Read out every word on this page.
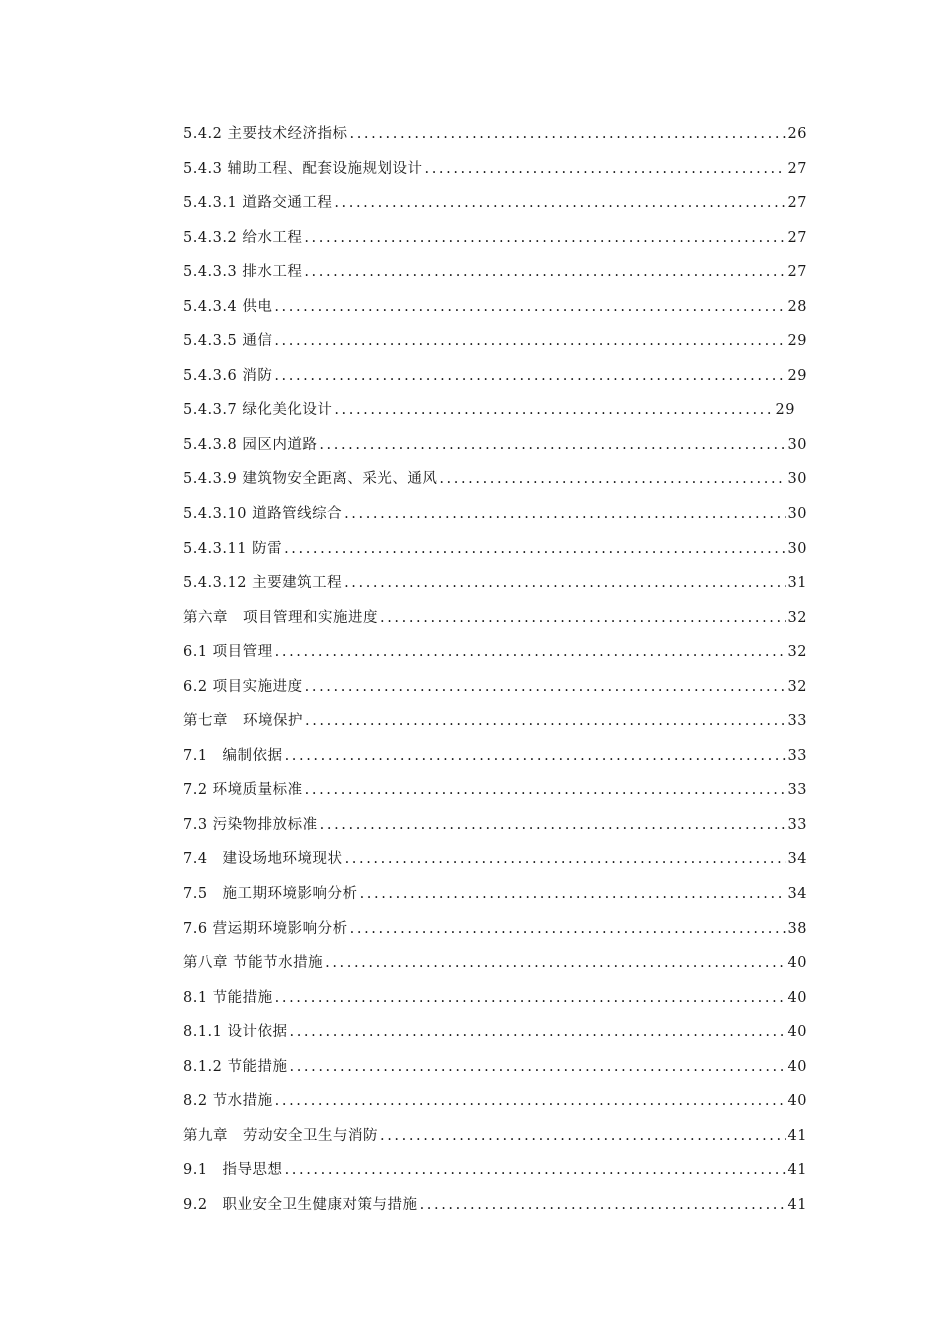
5.4.2 主要技术经济指标 .....	26
5.4.3 辅助工程、配套设施规划设计 .....	27
5.4.3.1 道路交通工程 .....	27
5.4.3.2 给水工程 .....	27
5.4.3.3 排水工程 .....	27
5.4.3.4 供电 .....	28
5.4.3.5 通信 .....	29
5.4.3.6 消防 .....	29
5.4.3.7 绿化美化设计 .....	29
5.4.3.8 园区内道路 .....	30
5.4.3.9 建筑物安全距离、采光、通风 .....	30
5.4.3.10 道路管线综合 .....	30
5.4.3.11 防雷 .....	30
5.4.3.12 主要建筑工程 .....	31
第六章　项目管理和实施进度 .....	32
6.1 项目管理 .....	32
6.2 项目实施进度 .....	32
第七章　环境保护 .....	33
7.1　编制依据 .....	33
7.2 环境质量标准 .....	33
7.3 污染物排放标准 .....	33
7.4　建设场地环境现状 .....	34
7.5　施工期环境影响分析 .....	34
7.6 营运期环境影响分析 .....	38
第八章 节能节水措施 .....	40
8.1 节能措施 .....	40
8.1.1 设计依据 .....	40
8.1.2 节能措施 .....	40
8.2 节水措施 .....	40
第九章　劳动安全卫生与消防 .....	41
9.1　指导思想 .....	41
9.2　职业安全卫生健康对策与措施 .....	41
